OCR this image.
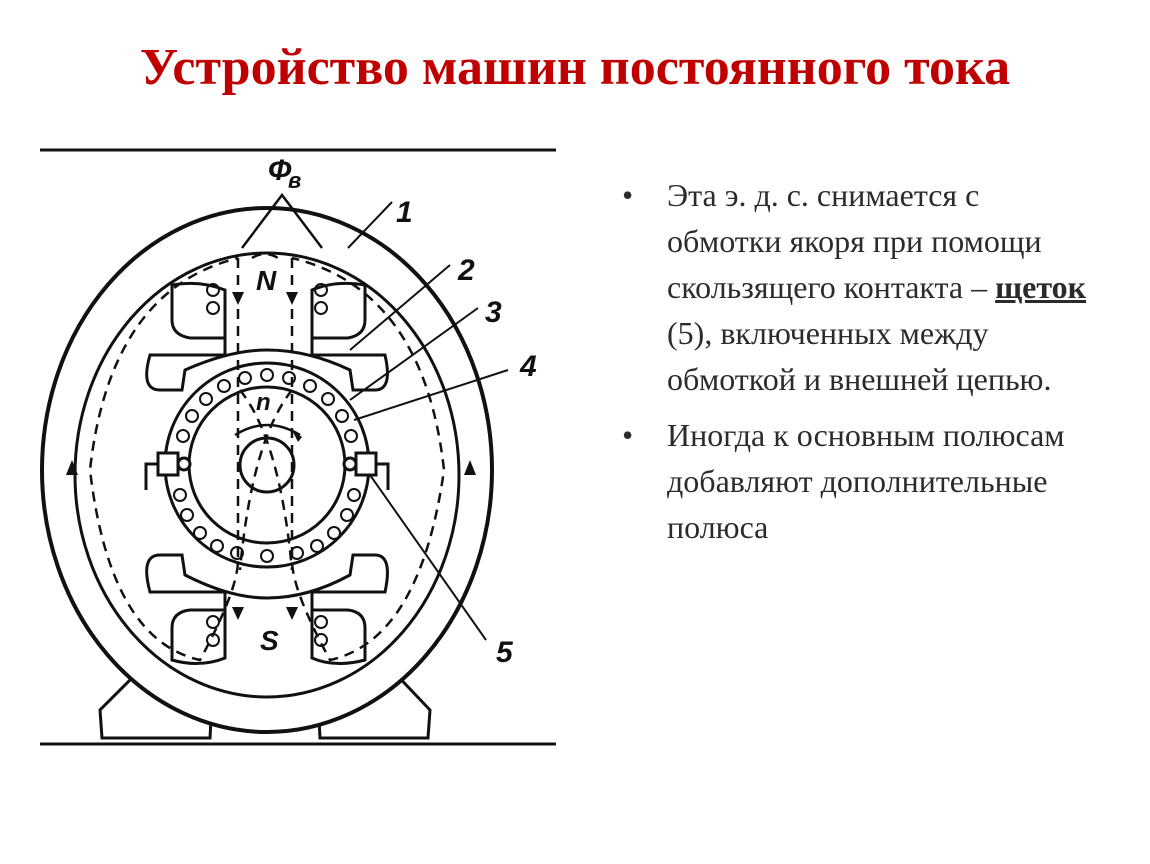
Устройство машин постоянного тока
Ф
в
N
S
n
1
2
3
4
5
• Эта э. д. с. снимается с обмотки якоря при помощи скользящего контакта – щеток (5), включенных между обмоткой и внешней цепью.
• Иногда к основным полюсам добавляют дополнительные полюса
